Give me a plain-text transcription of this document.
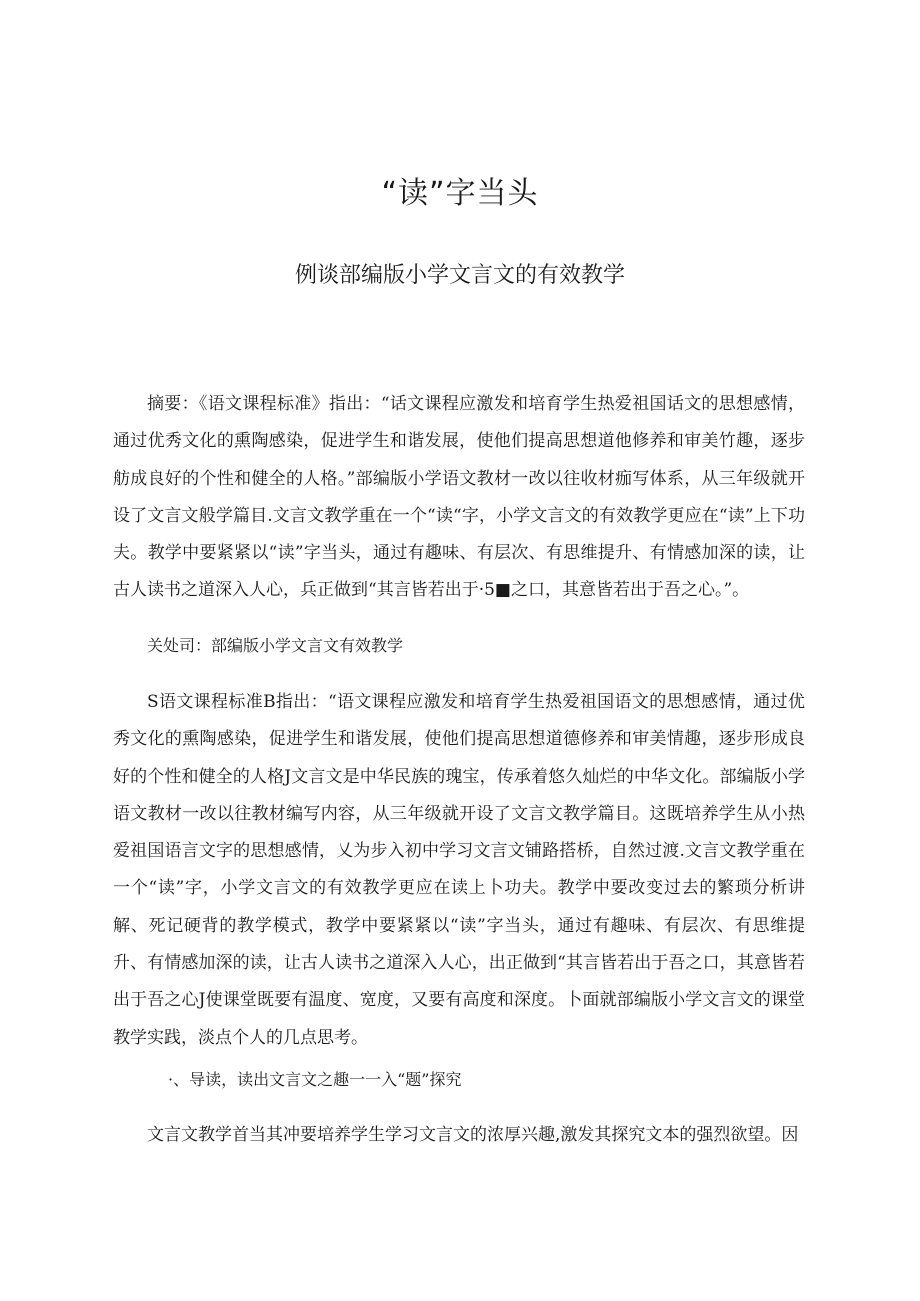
“读”字当头
例谈部编版小学文言文的有效教学

摘要：《语文课程标准》指出：“话文课程应激发和培育学生热爱祖国话文的思想感情，通过优秀文化的熏陶感染，促进学生和谐发展，使他们提高思想道他修养和审美竹趣，逐步舫成良好的个性和健全的人格。”部编版小学语文教材一改以往收材痂写体系，从三年级就开设了文言文般学篇目.文言文教学重在一个“读“字，小学文言文的有效教学更应在“读”上下功夫。教学中要紧紧以“读”字当头，通过有趣味、有层次、有思维提升、有情感加深的读，让古人读书之道深入人心，兵正做到“其言皆若出于·5■之口，其意皆若出于吾之心。”。

关处司：部编版小学文言文有效教学

S语文课程标准B指出：“语文课程应激发和培育学生热爱祖国语文的思想感情，通过优秀文化的熏陶感染，促进学生和谐发展，使他们提高思想道德修养和审美情趣，逐步形成良好的个性和健全的人格J文言文是中华民族的瑰宝，传承着悠久灿烂的中华文化。部编版小学语文教材一改以往教材编写内容，从三年级就开设了文言文教学篇目。这既培养学生从小热爱祖国语言文字的思想感情，乂为步入初中学习文言文铺路搭桥，自然过渡.文言文教学重在一个“读”字，小学文言文的有效教学更应在读上卜功夫。教学中要改变过去的繁琐分析讲解、死记硬背的教学模式，教学中要紧紧以“读”字当头，通过有趣味、有层次、有思维提升、有情感加深的读，让古人读书之道深入人心，出正做到“其言皆若出于吾之口，其意皆若出于吾之心J使课堂既要有温度、宽度，又要有高度和深度。卜面就部编版小学文言文的课堂教学实践，淡点个人的几点思考。

·、导读，读出文言文之趣一一入“题”探究

文言文教学首当其冲要培养学生学习文言文的浓厚兴趣,激发其探究文本的强烈欲望。因
